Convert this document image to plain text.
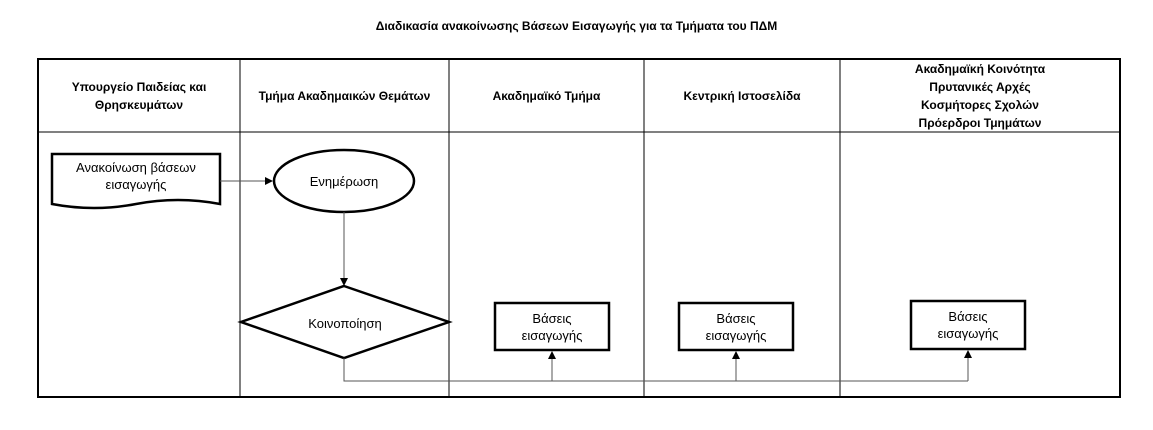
Διαδικασία ανακοίνωσης Βάσεων Εισαγωγής για τα Τμήματα του ΠΔΜ
Υπουργείο Παιδείας και
Θρησκευμάτων
Τμήμα Ακαδημαικών Θεμάτων	Ακαδημαϊκό Τμήμα	Κεντρική Ιστοσελίδα
Ακαδημαϊκή Κοινότητα
Πρυτανικές Αρχές
Κοσμήτορες Σχολών
Πρόερδροι Τμημάτων
Ανακοίνωση βάσεων
εισαγωγής	Ενημέρωση
Κοινοποίηση	Βάσεις
εισαγωγής
Βάσεις
εισαγωγής
Βάσεις
εισαγωγής
